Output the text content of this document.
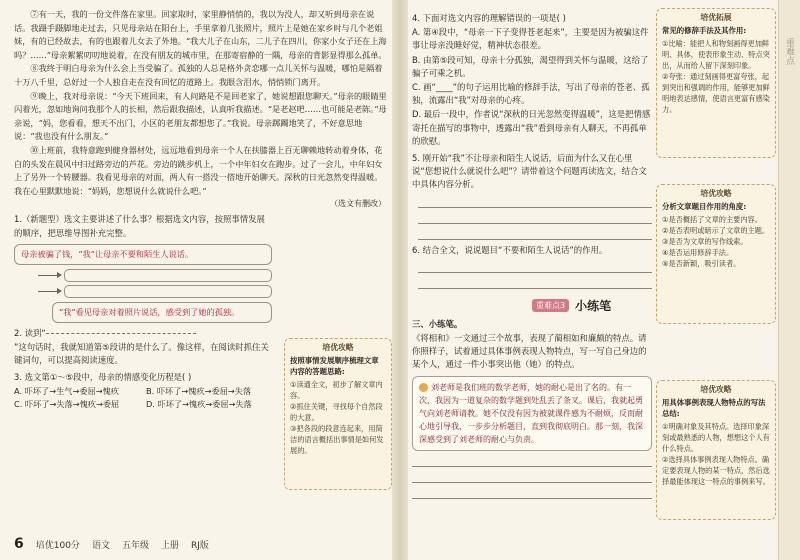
⑦有一天，我的一份文件落在家里。回家取时，家里静悄悄的，我以为没人，却又听到母亲在说话。我蹑手蹑脚地走过去，只见母亲站在阳台上，手里拿着几张照片，照片上是她在家乡时与几个老姐妹，有的已经故去，有的也跟着儿女去了外地。“我大儿子在山东，二儿子在四川，你家小女子还在上海吗？……”母亲絮絮叨叨地说着，在没有朋友的城市里，在那寄宿静的一隅，母亲的背影显得那么孤单。

⑧我终于明白母亲为什么会上当受骗了。孤独的人总是格外贪恋哪一点儿关怀与温暖，哪怕是隔着十万八千里，总好过一个人独自走在没有回忆的道路上。我眼含泪水，悄悄锁门离开。

⑨晚上，我对母亲说：“今天下班回来，有人问路是不是回老家了，她说想跟您聊天。”母亲的眼睛里闪着光，忽如地询问我那个人的长相，然后跟我描述，认真听我描述。“是老赵吧……也可能是老陈。”母亲说，“妈，您看看，想天不出门，小区的老朋友都想您了。”我说。母亲踯躅地笑了，不好意思地说：“我也没有什么朋友。”

⑩上班前，我特意跑到健身器材处，远远地看到母亲一个人在扶膝器上百无聊赖地转动着身体，花白的头发在晨风中扫过路旁边的芦花。旁边的跳步机上，一个中年妇女在跑步。过了一会儿，中年妇女上了另外一个转腰器。我看见母亲的对面，两人有一搭没一搭地开始聊天。深秋的日光忽然变得温暖。我在心里默默地说：“妈妈，您想说什么就说什么吧。”

（选文有删改）

1.（新题型）选文主要讲述了什么事？根据选文内容，按照事情发展的顺序，把思维导图补充完整。

母亲被骗了钱，“我”让母亲不要和陌生人说话。
“我”看见母亲对着照片说话，感受到了她的孤独。

2. 读到“

”这句话时，我就知道第⑤段讲的是什么了。像这样，在阅读时抓住关键词句，可以提高阅读速度。

3. 选文第①～⑤段中，母亲的情感变化历程是( )

A. 吓坏了→生气→委屈→愧疚	B. 吓坏了→愧疚→委屈→失落
C. 吓坏了→失落→愧疚→委屈	D. 吓坏了→愧疚→委屈→失落
培优攻略
按照事情发展顺序梳理文章内容的答题思路:

①读通全文，初步了解文章内容。

②抓住关键，寻找每个自然段的大意。

③把各段的段意连起来，用简洁的语言概括出事情是如何发展的。

6 培优100分 语文 五年级 上册 RJ版

4. 下面对选文内容的理解错误的一项是( )

A. 第④段中，“母亲一下子变得苍老起来”，主要是因为被骗这件事让母亲没睡好觉，精神状态很差。

B. 由第⑤段可知，母亲十分孤独，渴望得到关怀与温暖，这给了骗子可乘之机。

C. 画“____”的句子运用比喻的修辞手法，写出了母亲的苍老、孤独，流露出“我”对母亲的心疼。

D. 最后一段中，作者说“深秋的日光忽然变得温暖”，这是把情感寄托在描写的事物中，透露出“我”看到母亲有人聊天，不再孤单的欣慰。

5. 刚开始“我”不让母亲和陌生人说话，后面为什么又在心里说“您想说什么就说什么吧”？请带着这个问题再读选文，结合文中具体内容分析。

6. 结合全文，说说题目“不要和陌生人说话”的作用。

重难点3 小练笔

三、小练笔。

《将相和》一文通过三个故事，表现了蔺相如和廉颇的特点。请你照样子，试着通过具体事例表现人物特点，写一写自己身边的某个人，通过一件小事突出他（她）的特点。

刘老师是我们班的数学老师，她的耐心是出了名的。有一次，我因为一道复杂的数学题到处乱丢了条叉。课后，我就起勇气向刘老师请教。她不仅没有因为被就课件感为不耐烦，反而耐心地引导我，一步步分析题目，直到我彻底明白。那一刻，我深深感受到了刘老师的耐心与负责。

培优拓展
常见的修辞手法及其作用:

①比喻：能把人和物刻画得更加鲜明、具体，使表形象生动、特点突出，从而给人留下深刻印象。

②夸张：通过刻画得更富夸张，起到突出和强调的作用，能够更加鲜明地表达感情，使语言更富有感染力。

培优攻略
分析文章题目作用的角度:

①是否概括了文章的主要内容。

②是否表明或暗示了文章的主题。

③是否为文章的写作线索。

④是否运用修辞手法。

⑤是否新颖，吸引读者。

培优攻略
用具体事例表现人物特点的写法总结:

①明确对象及其特点。选择印象深刻或最熟悉的人物，想想这个人有什么特点。

②选择具体事例表现人物特点。确定要表现人物的某一特点，然后选择最能体现这一特点的事例来写。

重难点
